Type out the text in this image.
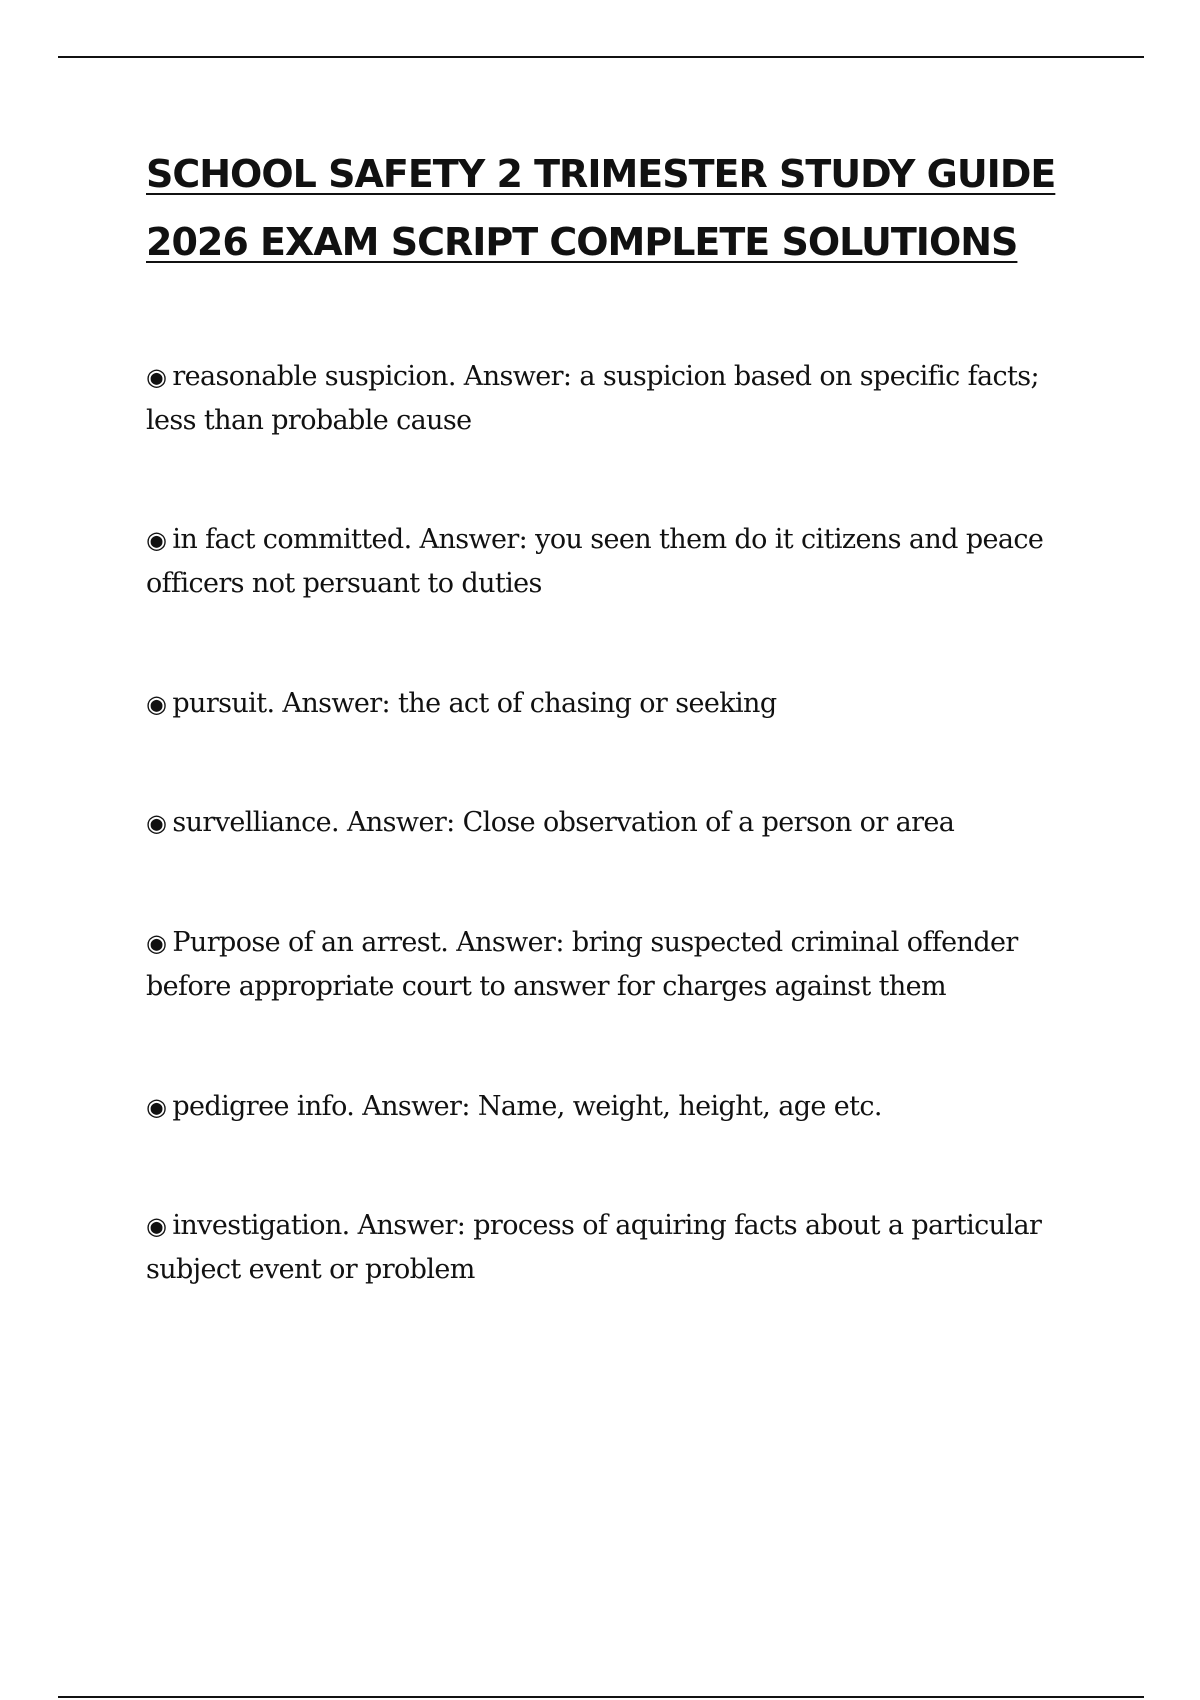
SCHOOL SAFETY 2 TRIMESTER STUDY GUIDE
2026 EXAM SCRIPT COMPLETE SOLUTIONS
◉ reasonable suspicion. Answer: a suspicion based on specific facts;
less than probable cause
◉ in fact committed. Answer: you seen them do it citizens and peace
officers not persuant to duties
◉ pursuit. Answer: the act of chasing or seeking
◉ survelliance. Answer: Close observation of a person or area
◉ Purpose of an arrest. Answer: bring suspected criminal offender
before appropriate court to answer for charges against them
◉ pedigree info. Answer: Name, weight, height, age etc.
◉ investigation. Answer: process of aquiring facts about a particular
subject event or problem
